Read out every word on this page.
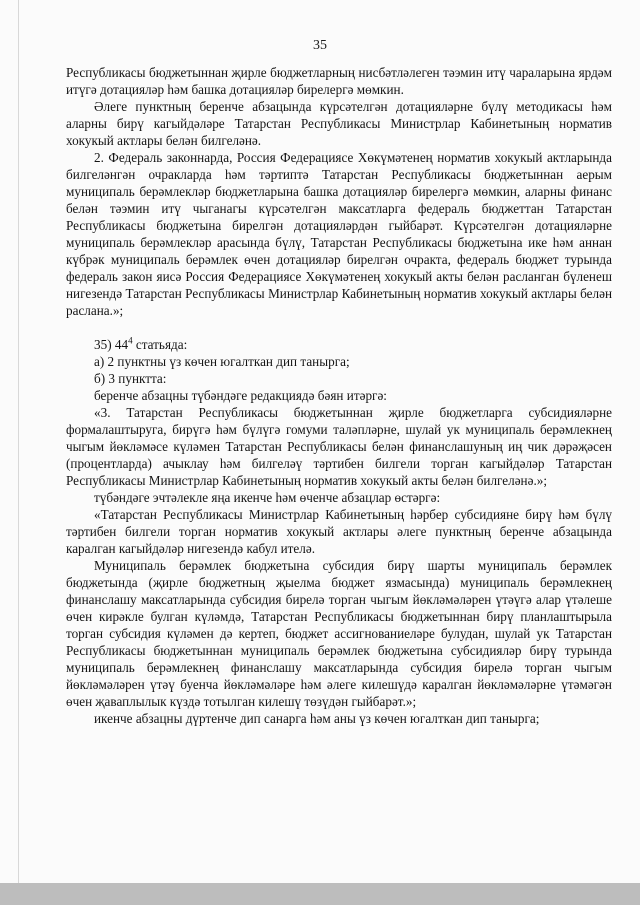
35

Республикасы бюджетыннан җирле бюджетларның нисбәтләлеген тәэмин итү чараларына ярдәм итүгә дотацияләр һәм башка дотацияләр бирелергә мөмкин.

Әлеге пунктның беренче абзацында күрсәтелгән дотацияләрне бүлү методикасы һәм аларны бирү кагыйдәләре Татарстан Республикасы Министрлар Кабинетының норматив хокукый актлары белән билгеләнә.

2. Федераль законнарда, Россия Федерациясе Хөкүмәтенең норматив хокукый актларында билгеләнгән очракларда һәм тәртиптә Татарстан Республикасы бюджетыннан аерым муниципаль берәмлекләр бюджетларына башка дотацияләр бирелергә мөмкин, аларны финанс белән тәэмин итү чыганагы күрсәтелгән максатларга федераль бюджеттан Татарстан Республикасы бюджетына бирелгән дотацияләрдән гыйбарәт. Күрсәтелгән дотацияләрне муниципаль берәмлекләр арасында бүлү, Татарстан Республикасы бюджетына ике һәм аннан күбрәк муниципаль берәмлек өчен дотацияләр бирелгән очракта, федераль бюджет турында федераль закон яисә Россия Федерациясе Хөкүмәтенең хокукый акты белән расланган бүленеш нигезендә Татарстан Республикасы Министрлар Кабинетының норматив хокукый актлары белән раслана.»;

35) $44^4$ статьяда:

а) 2 пунктны үз көчен югалткан дип танырга;

б) 3 пунктта:

беренче абзацны түбәндәге редакциядә бәян итәргә:

«3. Татарстан Республикасы бюджетыннан җирле бюджетларга субсидияләрне формалаштыруга, бирүгә һәм бүлүгә гомуми таләпләрне, шулай ук муниципаль берәмлекнең чыгым йөкләмәсе күләмен Татарстан Республикасы белән финанслашуның иң чик дәрәҗәсен (процентларда) ачыклау һәм билгеләү тәртибен билгели торган кагыйдәләр Татарстан Республикасы Министрлар Кабинетының норматив хокукый акты белән билгеләнә.»;

түбәндәге эчтәлекле яңа икенче һәм өченче абзацлар өстәргә:

«Татарстан Республикасы Министрлар Кабинетының һәрбер субсидияне бирү һәм бүлү тәртибен билгели торган норматив хокукый актлары әлеге пунктның беренче абзацында каралган кагыйдәләр нигезендә кабул ителә.

Муниципаль берәмлек бюджетына субсидия бирү шарты муниципаль берәмлек бюджетында (җирле бюджетның җыелма бюджет язмасында) муниципаль берәмлекнең финанслашу максатларында субсидия бирелә торган чыгым йөкләмәләрен үтәүгә алар үтәлеше өчен кирәкле булган күләмдә, Татарстан Республикасы бюджетыннан бирү планлаштырыла торган субсидия күләмен дә кертеп, бюджет ассигнованиеләре булудан, шулай ук Татарстан Республикасы бюджетыннан муниципаль берәмлек бюджетына субсидияләр бирү турында муниципаль берәмлекнең финанслашу максатларында субсидия бирелә торган чыгым йөкләмәләрен үтәү буенча йөкләмәләре һәм әлеге килешүдә каралган йөкләмәләрне үтәмәгән өчен җаваплылык күздә тотылган килешү төзүдән гыйбарәт.»;

икенче абзацны дүртенче дип санарга һәм аны үз көчен югалткан дип танырга;
